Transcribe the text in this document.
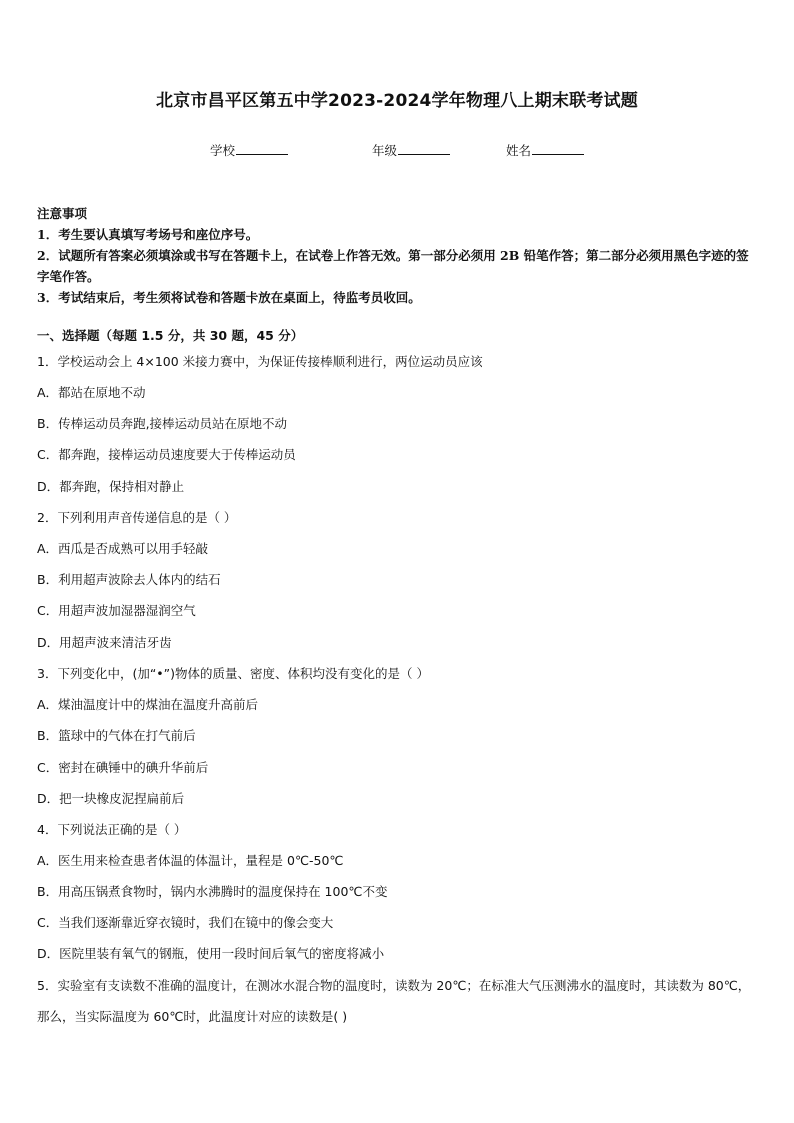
北京市昌平区第五中学2023-2024学年物理八上期末联考试题
学校	年级	姓名
注意事项
1．考生要认真填写考场号和座位序号。
2．试题所有答案必须填涂或书写在答题卡上，在试卷上作答无效。第一部分必须用 2B 铅笔作答；第二部分必须用黑色字迹的签字笔作答。
3．考试结束后，考生须将试卷和答题卡放在桌面上，待监考员收回。
一、选择题（每题 1.5 分，共 30 题，45 分）
1．学校运动会上 4×100 米接力赛中，为保证传接棒顺利进行，两位运动员应该
A．都站在原地不动
B．传棒运动员奔跑,接棒运动员站在原地不动
C．都奔跑，接棒运动员速度要大于传棒运动员
D．都奔跑，保持相对静止
2．下列利用声音传递信息的是（ ）
A．西瓜是否成熟可以用手轻敲
B．利用超声波除去人体内的结石
C．用超声波加湿器湿润空气
D．用超声波来清洁牙齿
3．下列变化中，(加“•”)物体的质量、密度、体积均没有变化的是（ ）
A．煤油温度计中的煤油在温度升高前后
B．篮球中的气体在打气前后
C．密封在碘锤中的碘升华前后
D．把一块橡皮泥捏扁前后
4．下列说法正确的是（ ）
A．医生用来检查患者体温的体温计，量程是 0℃-50℃
B．用高压锅煮食物时，锅内水沸腾时的温度保持在 100℃不变
C．当我们逐渐靠近穿衣镜时，我们在镜中的像会变大
D．医院里装有氧气的钢瓶，使用一段时间后氧气的密度将减小
5．实验室有支读数不准确的温度计，在测冰水混合物的温度时，读数为 20℃；在标准大气压测沸水的温度时，其读数为 80℃，那么，当实际温度为 60℃时，此温度计对应的读数是( )
